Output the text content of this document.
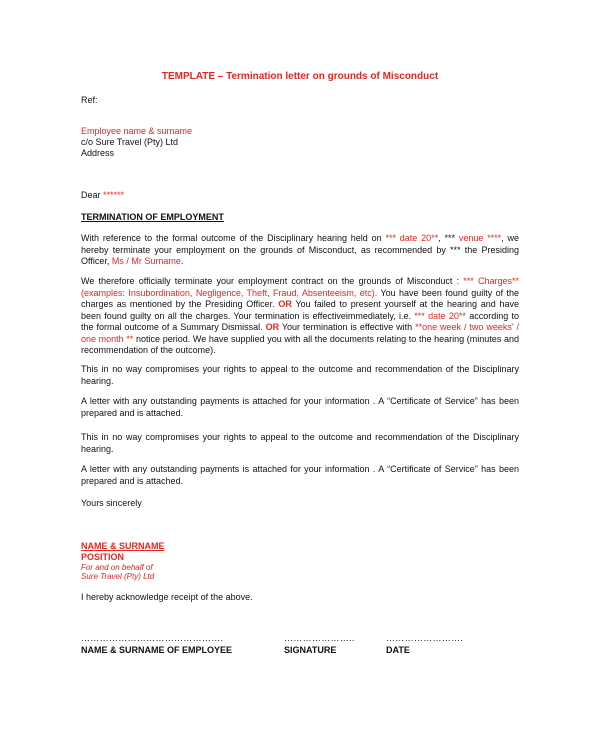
TEMPLATE – Termination letter on grounds of Misconduct
Ref:
Employee name & surname
c/o Sure Travel (Pty) Ltd
Address
Dear ******
TERMINATION OF EMPLOYMENT
With reference to the formal outcome of the Disciplinary hearing held on *** date 20**, *** venue ****, we hereby terminate your employment on the grounds of Misconduct, as recommended by *** the Presiding Officer, Ms / Mr Surname.
We therefore officially terminate your employment contract on the grounds of Misconduct : *** Charges** (examples: Insubordination, Negligence, Theft, Fraud, Absenteeism, etc). You have been found guilty of the charges as mentioned by the Presiding Officer. OR You failed to present yourself at the hearing and have been found guilty on all the charges. Your termination is effectiveimmediately, i.e. *** date 20** according to the formal outcome of a Summary Dismissal. OR Your termination is effective with **one week / two weeks' / one month ** notice period. We have supplied you with all the documents relating to the hearing (minutes and recommendation of the outcome).
This in no way compromises your rights to appeal to the outcome and recommendation of the Disciplinary hearing.
A letter with any outstanding payments is attached for your information . A “Certificate of Service” has been prepared and is attached.
This in no way compromises your rights to appeal to the outcome and recommendation of the Disciplinary hearing.
A letter with any outstanding payments is attached for your information . A “Certificate of Service” has been prepared and is attached.
Yours sincerely
NAME & SURNAME
POSITION
For and on behalf of
Sure Travel (Pty) Ltd
I hereby acknowledge receipt of the above.
……………………………………….	…………………..	…………………….
NAME & SURNAME OF EMPLOYEE	SIGNATURE	DATE
